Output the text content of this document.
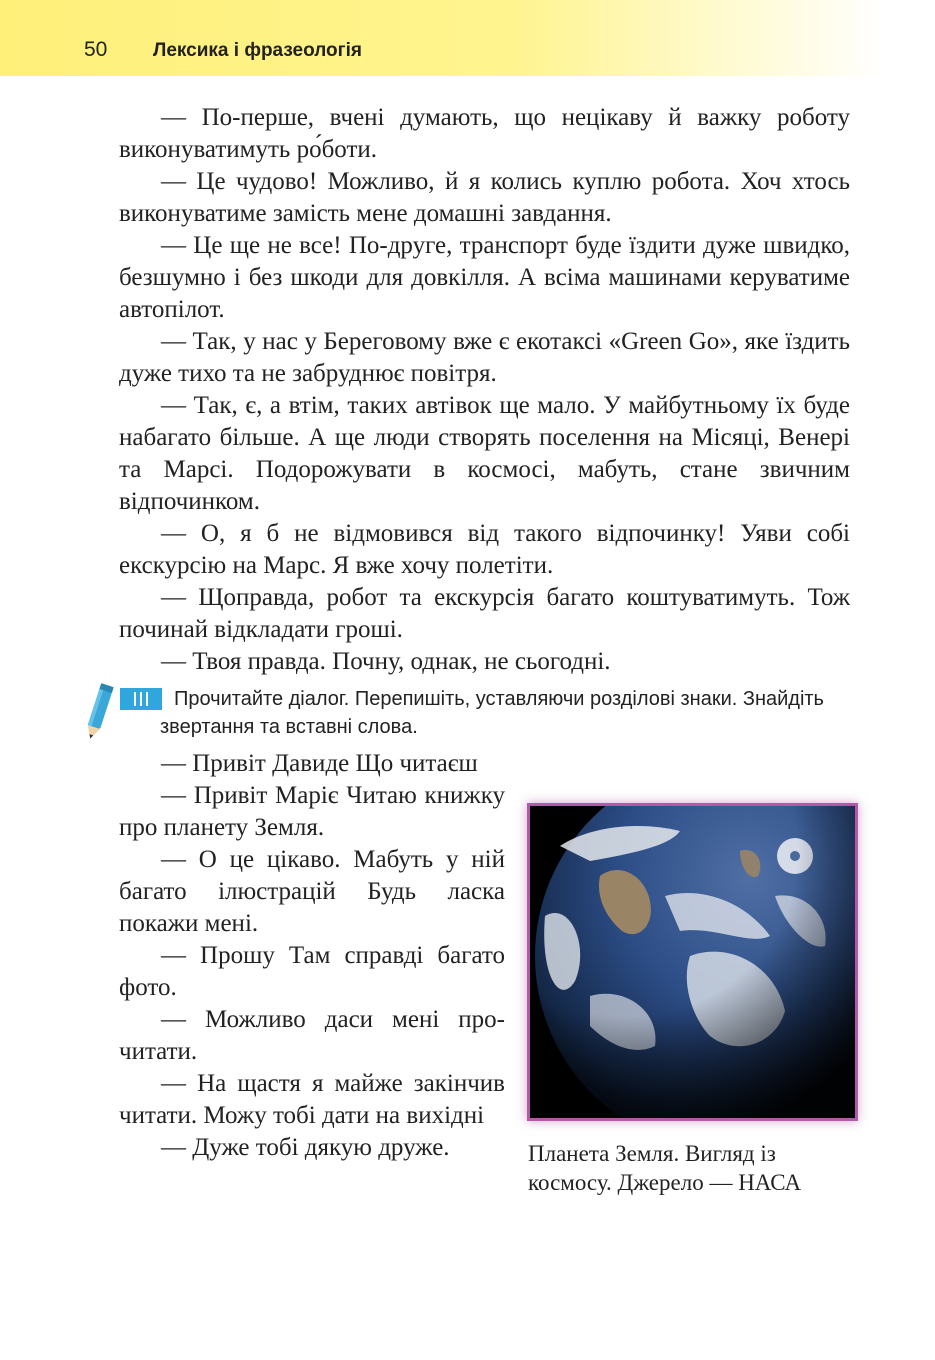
50 Лексика і фразеологія

— По-перше, вчені думають, що нецікаву й важку роботу виконуватимуть ро́боти.

— Це чудово! Можливо, й я колись куплю робота. Хоч хтось виконуватиме замість мене домашні завдання.

— Це ще не все! По-друге, транспорт буде їздити дуже швидко, безшумно і без шкоди для довкілля. А всіма машинами керуватиме автопілот.

— Так, у нас у Береговому вже є екотаксі «Green Go», яке їздить дуже тихо та не забруднює повітря.

— Так, є, а втім, таких автівок ще мало. У майбутньому їх буде набагато більше. А ще люди створять поселення на Місяці, Венері та Марсі. Подорожувати в космосі, мабуть, стане звичним відпочинком.

— О, я б не відмовився від такого відпочинку! Уяви собі екскурсію на Марс. Я вже хочу полетіти.

— Щоправда, робот та екскурсія багато коштуватимуть. Тож починай відкладати гроші.

— Твоя правда. Почну, однак, не сьогодні.

Прочитайте діалог. Перепишіть, уставляючи розділові знаки. Знайдіть звертання та вставні слова.

— Привіт Давиде Що читаєш

— Привіт Маріє Читаю книжку про планету Земля.

— О це цікаво. Мабуть у ній багато ілюстрацій Будь ласка покажи мені.

— Прошу Там справді багато фото.

— Можливо даси мені прочитати.

— На щастя я майже закінчив читати. Можу тобі дати на вихідні

— Дуже тобі дякую друже.	Планета Земля. Вигляд із космосу. Джерело — НАСА
